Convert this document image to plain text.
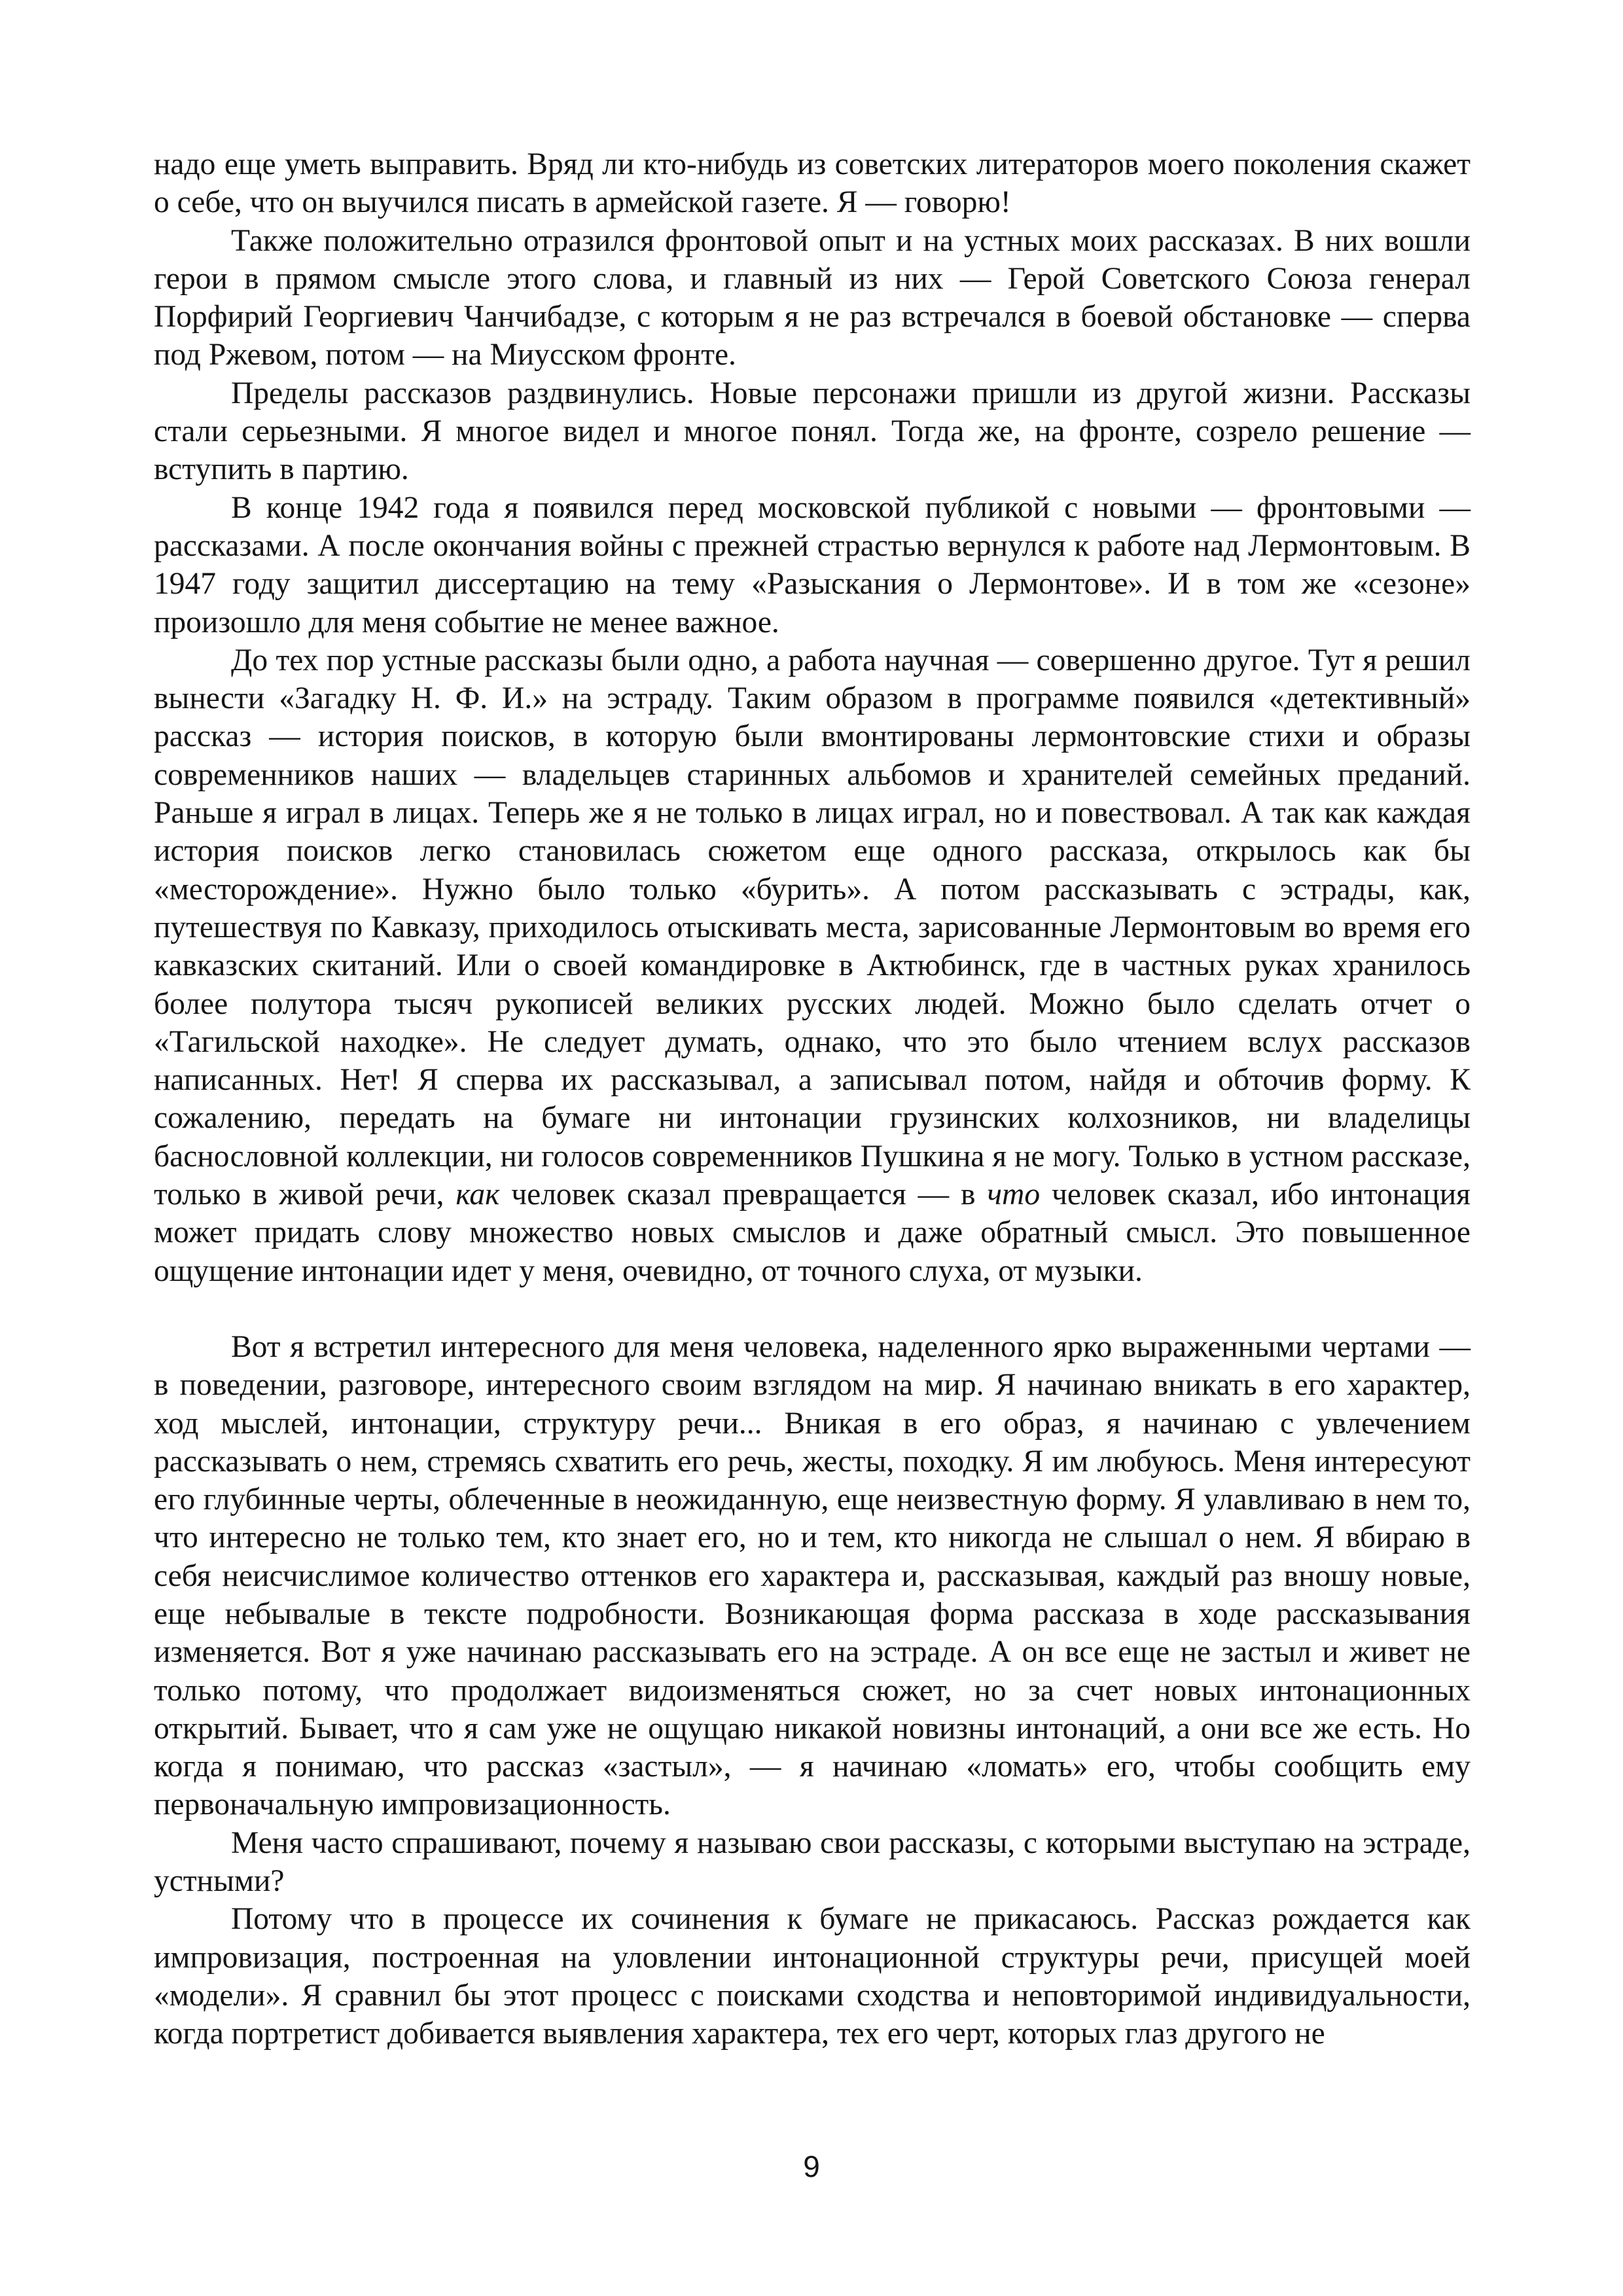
надо еще уметь выправить. Вряд ли кто-нибудь из советских литераторов моего поколения скажет о себе, что он выучился писать в армейской газете. Я — говорю!

Также положительно отразился фронтовой опыт и на устных моих рассказах. В них вошли герои в прямом смысле этого слова, и главный из них — Герой Советского Союза генерал Порфирий Георгиевич Чанчибадзе, с которым я не раз встречался в боевой обстановке — сперва под Ржевом, потом — на Миусском фронте.

Пределы рассказов раздвинулись. Новые персонажи пришли из другой жизни. Рассказы стали серьезными. Я многое видел и многое понял. Тогда же, на фронте, созрело решение — вступить в партию.

В конце 1942 года я появился перед московской публикой с новыми — фронтовыми — рассказами. А после окончания войны с прежней страстью вернулся к работе над Лермонтовым. В 1947 году защитил диссертацию на тему «Разыскания о Лермонтове». И в том же «сезоне» произошло для меня событие не менее важное.

До тех пор устные рассказы были одно, а работа научная — совершенно другое. Тут я решил вынести «Загадку Н. Ф. И.» на эстраду. Таким образом в программе появился «детективный» рассказ — история поисков, в которую были вмонтированы лермонтовские стихи и образы современников наших — владельцев старинных альбомов и хранителей семейных преданий. Раньше я играл в лицах. Теперь же я не только в лицах играл, но и повествовал. А так как каждая история поисков легко становилась сюжетом еще одного рассказа, открылось как бы «месторождение». Нужно было только «бурить». А потом рассказывать с эстрады, как, путешествуя по Кавказу, приходилось отыскивать места, зарисованные Лермонтовым во время его кавказских скитаний. Или о своей командировке в Актюбинск, где в частных руках хранилось более полутора тысяч рукописей великих русских людей. Можно было сделать отчет о «Тагильской находке». Не следует думать, однако, что это было чтением вслух рассказов написанных. Нет! Я сперва их рассказывал, а записывал потом, найдя и обточив форму. К сожалению, передать на бумаге ни интонации грузинских колхозников, ни владелицы баснословной коллекции, ни голосов современников Пушкина я не могу. Только в устном рассказе, только в живой речи, как человек сказал превращается — в что человек сказал, ибо интонация может придать слову множество новых смыслов и даже обратный смысл. Это повышенное ощущение интонации идет у меня, очевидно, от точного слуха, от музыки.

Вот я встретил интересного для меня человека, наделенного ярко выраженными чертами — в поведении, разговоре, интересного своим взглядом на мир. Я начинаю вникать в его характер, ход мыслей, интонации, структуру речи... Вникая в его образ, я начинаю с увлечением рассказывать о нем, стремясь схватить его речь, жесты, походку. Я им любуюсь. Меня интересуют его глубинные черты, облеченные в неожиданную, еще неизвестную форму. Я улавливаю в нем то, что интересно не только тем, кто знает его, но и тем, кто никогда не слышал о нем. Я вбираю в себя неисчислимое количество оттенков его характера и, рассказывая, каждый раз вношу новые, еще небывалые в тексте подробности. Возникающая форма рассказа в ходе рассказывания изменяется. Вот я уже начинаю рассказывать его на эстраде. А он все еще не застыл и живет не только потому, что продолжает видоизменяться сюжет, но за счет новых интонационных открытий. Бывает, что я сам уже не ощущаю никакой новизны интонаций, а они все же есть. Но когда я понимаю, что рассказ «застыл», — я начинаю «ломать» его, чтобы сообщить ему первоначальную импровизационность.

Меня часто спрашивают, почему я называю свои рассказы, с которыми выступаю на эстраде, устными?

Потому что в процессе их сочинения к бумаге не прикасаюсь. Рассказ рождается как импровизация, построенная на уловлении интонационной структуры речи, присущей моей «модели». Я сравнил бы этот процесс с поисками сходства и неповторимой индивидуальности, когда портретист добивается выявления характера, тех его черт, которых глаз другого не

9
